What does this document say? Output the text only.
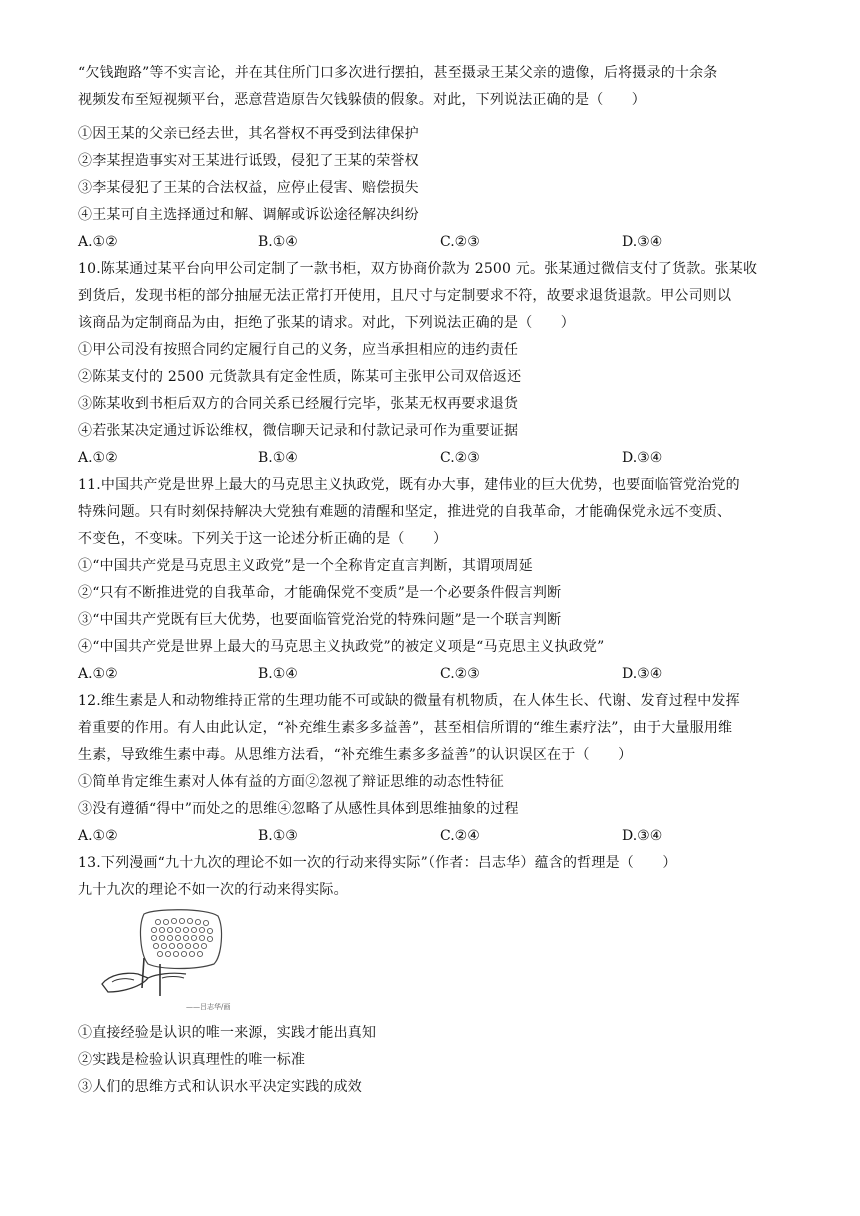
“欠钱跑路”等不实言论，并在其住所门口多次进行摆拍，甚至摄录王某父亲的遗像，后将摄录的十余条
视频发布至短视频平台，恶意营造原告欠钱躲债的假象。对此，下列说法正确的是（　　）
①因王某的父亲已经去世，其名誉权不再受到法律保护
②李某捏造事实对王某进行诋毁，侵犯了王某的荣誉权
③李某侵犯了王某的合法权益，应停止侵害、赔偿损失
④王某可自主选择通过和解、调解或诉讼途径解决纠纷
A.①②	B.①④	C.②③	D.③④
10.陈某通过某平台向甲公司定制了一款书柜，双方协商价款为 2500 元。张某通过微信支付了货款。张某收
到货后，发现书柜的部分抽屉无法正常打开使用，且尺寸与定制要求不符，故要求退货退款。甲公司则以
该商品为定制商品为由，拒绝了张某的请求。对此，下列说法正确的是（　　）
①甲公司没有按照合同约定履行自己的义务，应当承担相应的违约责任
②陈某支付的 2500 元货款具有定金性质，陈某可主张甲公司双倍返还
③陈某收到书柜后双方的合同关系已经履行完毕，张某无权再要求退货
④若张某决定通过诉讼维权，微信聊天记录和付款记录可作为重要证据
A.①②	B.①④	C.②③	D.③④
11.中国共产党是世界上最大的马克思主义执政党，既有办大事，建伟业的巨大优势，也要面临管党治党的
特殊问题。只有时刻保持解决大党独有难题的清醒和坚定，推进党的自我革命，才能确保党永远不变质、
不变色，不变味。下列关于这一论述分析正确的是（　　）
①“中国共产党是马克思主义政党”是一个全称肯定直言判断，其谓项周延
②“只有不断推进党的自我革命，才能确保党不变质”是一个必要条件假言判断
③“中国共产党既有巨大优势，也要面临管党治党的特殊问题”是一个联言判断
④“中国共产党是世界上最大的马克思主义执政党”的被定义项是“马克思主义执政党”
A.①②	B.①④	C.②③	D.③④
12.维生素是人和动物维持正常的生理功能不可或缺的微量有机物质，在人体生长、代谢、发育过程中发挥
着重要的作用。有人由此认定，“补充维生素多多益善”，甚至相信所谓的“维生素疗法”，由于大量服用维
生素，导致维生素中毒。从思维方法看，“补充维生素多多益善”的认识误区在于（　　）
①简单肯定维生素对人体有益的方面②忽视了辩证思维的动态性特征
③没有遵循“得中”而处之的思维④忽略了从感性具体到思维抽象的过程
A.①②	B.①③	C.②④	D.③④
13.下列漫画“九十九次的理论不如一次的行动来得实际”（作者：吕志华）蕴含的哲理是（　　）
九十九次的理论不如一次的行动来得实际。
——吕志华/画
①直接经验是认识的唯一来源，实践才能出真知
②实践是检验认识真理性的唯一标准
③人们的思维方式和认识水平决定实践的成效
